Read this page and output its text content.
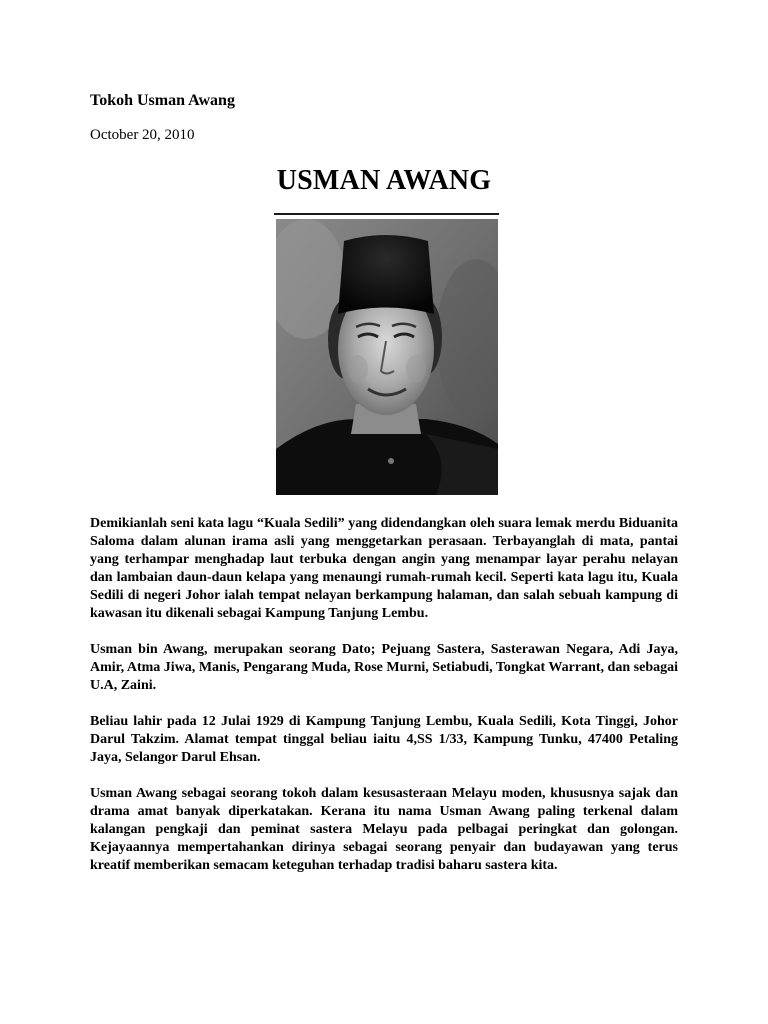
Tokoh Usman Awang
October 20, 2010
USMAN AWANG

Demikianlah seni kata lagu “Kuala Sedili” yang didendangkan oleh suara lemak merdu Biduanita Saloma dalam alunan irama asli yang menggetarkan perasaan. Terbayanglah di mata, pantai yang terhampar menghadap laut terbuka dengan angin yang menampar layar perahu nelayan dan lambaian daun-daun kelapa yang menaungi rumah-rumah kecil. Seperti kata lagu itu, Kuala Sedili di negeri Johor ialah tempat nelayan berkampung halaman, dan salah sebuah kampung di kawasan itu dikenali sebagai Kampung Tanjung Lembu.

Usman bin Awang, merupakan seorang Dato; Pejuang Sastera, Sasterawan Negara, Adi Jaya, Amir, Atma Jiwa, Manis, Pengarang Muda, Rose Murni, Setiabudi, Tongkat Warrant, dan sebagai U.A, Zaini.

Beliau lahir pada 12 Julai 1929 di Kampung Tanjung Lembu, Kuala Sedili, Kota Tinggi, Johor Darul Takzim. Alamat tempat tinggal beliau iaitu 4,SS 1/33, Kampung Tunku, 47400 Petaling Jaya, Selangor Darul Ehsan.

Usman Awang sebagai seorang tokoh dalam kesusasteraan Melayu moden, khususnya sajak dan drama amat banyak diperkatakan. Kerana itu nama Usman Awang paling terkenal dalam kalangan pengkaji dan peminat sastera Melayu pada pelbagai peringkat dan golongan. Kejayaannya mempertahankan dirinya sebagai seorang penyair dan budayawan yang terus kreatif memberikan semacam keteguhan terhadap tradisi baharu sastera kita.
